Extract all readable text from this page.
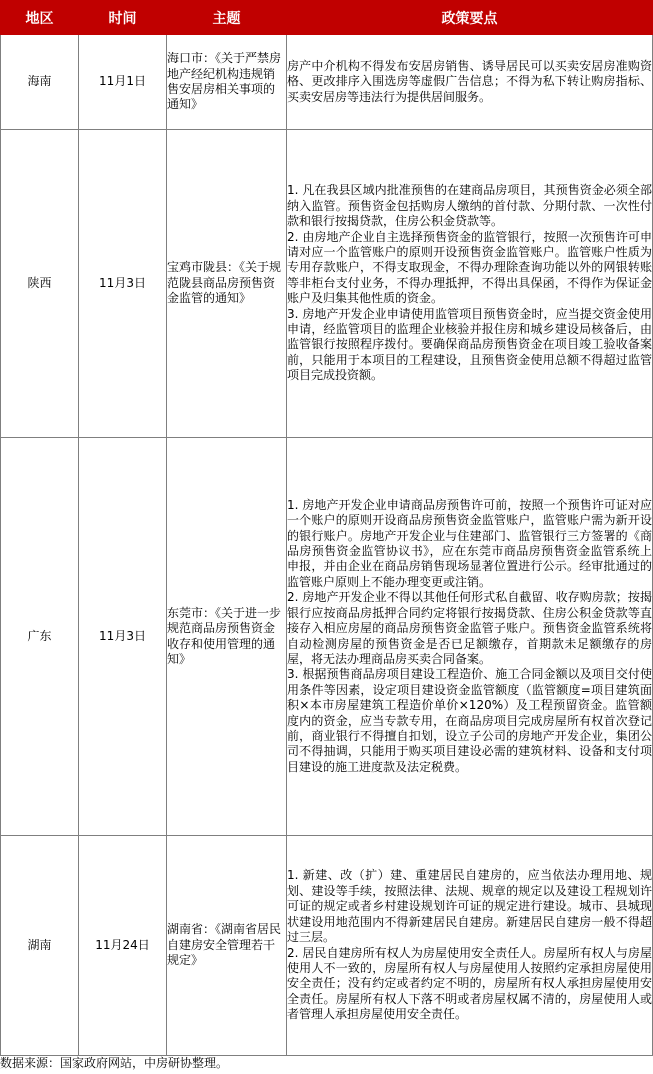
地区	时间	主题	政策要点
海南	11月1日	海口市：《关于严禁房地产经纪机构违规销售安居房相关事项的通知》	房产中介机构不得发布安居房销售、诱导居民可以买卖安居房准购资格、更改排序入围选房等虚假广告信息；不得为私下转让购房指标、买卖安居房等违法行为提供居间服务。

陕西	11月3日	宝鸡市陇县：《关于规范陇县商品房预售资金监管的通知》	1. 凡在我县区域内批准预售的在建商品房项目，其预售资金必须全部纳入监管。预售资金包括购房人缴纳的首付款、分期付款、一次性付款和银行按揭贷款，住房公积金贷款等。
2. 由房地产企业自主选择预售资金的监管银行，按照一次预售许可申请对应一个监管账户的原则开设预售资金监管账户。监管账户性质为专用存款账户，不得支取现金，不得办理除查询功能以外的网银转账等非柜台支付业务，不得办理抵押，不得出具保函，不得作为保证金账户及归集其他性质的资金。
3. 房地产开发企业申请使用监管项目预售资金时，应当提交资金使用申请，经监管项目的监理企业核验并报住房和城乡建设局核备后，由监管银行按照程序拨付。要确保商品房预售资金在项目竣工验收备案前，只能用于本项目的工程建设，且预售资金使用总额不得超过监管项目完成投资额。

广东	11月3日	东莞市：《关于进一步规范商品房预售资金收存和使用管理的通知》	1. 房地产开发企业申请商品房预售许可前，按照一个预售许可证对应一个账户的原则开设商品房预售资金监管账户，监管账户需为新开设的银行账户。房地产开发企业与住建部门、监管银行三方签署的《商品房预售资金监管协议书》，应在东莞市商品房预售资金监管系统上申报，并由企业在商品房销售现场显著位置进行公示。经审批通过的监管账户原则上不能办理变更或注销。
2. 房地产开发企业不得以其他任何形式私自截留、收存购房款；按揭银行应按商品房抵押合同约定将银行按揭贷款、住房公积金贷款等直接存入相应房屋的商品房预售资金监管子账户。预售资金监管系统将自动检测房屋的预售资金是否已足额缴存，首期款未足额缴存的房屋，将无法办理商品房买卖合同备案。
3. 根据预售商品房项目建设工程造价、施工合同金额以及项目交付使用条件等因素，设定项目建设资金监管额度（监管额度=项目建筑面积×本市房屋建筑工程造价单价×120%）及工程预留资金。监管额度内的资金，应当专款专用，在商品房项目完成房屋所有权首次登记前，商业银行不得擅自扣划，设立子公司的房地产开发企业，集团公司不得抽调，只能用于购买项目建设必需的建筑材料、设备和支付项目建设的施工进度款及法定税费。

湖南	11月24日	湖南省：《湖南省居民自建房安全管理若干规定》	1. 新建、改（扩）建、重建居民自建房的，应当依法办理用地、规划、建设等手续，按照法律、法规、规章的规定以及建设工程规划许可证的规定或者乡村建设规划许可证的规定进行建设。城市、县城现状建设用地范围内不得新建居民自建房。新建居民自建房一般不得超过三层。
2. 居民自建房所有权人为房屋使用安全责任人。房屋所有权人与房屋使用人不一致的，房屋所有权人与房屋使用人按照约定承担房屋使用安全责任；没有约定或者约定不明的，房屋所有权人承担房屋使用安全责任。房屋所有权人下落不明或者房屋权属不清的，房屋使用人或者管理人承担房屋使用安全责任。
数据来源：国家政府网站，中房研协整理。
